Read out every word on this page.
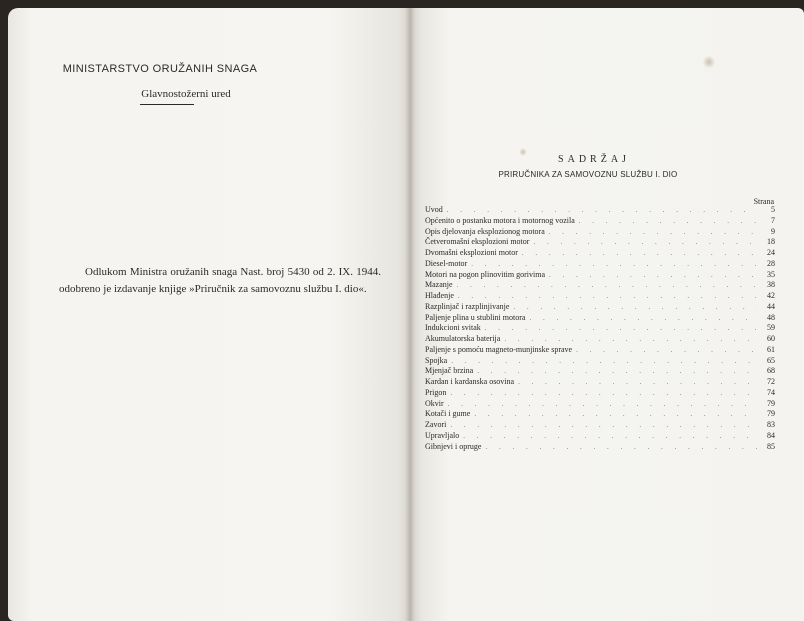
MINISTARSTVO ORUŽANIH SNAGA
Glavnostožerni ured

Odlukom Ministra oružanih snaga Nast. broj 5430 od 2. IX. 1944. odobreno je izdavanje knjige »Priručnik za samovoznu službu I. dio«.

SADRŽAJ
PRIRUČNIKA ZA SAMOVOZNU SLUŽBU I. DIO
Strana
Uvod . . .	5
Općenito o postanku motora i motornog vozila . . .	7
Opis djelovanja eksplozionog motora . . .	9
Četveromašni eksplozioni motor . . .	18
Dvomašni eksplozioni motor . . .	24
Diesel-motor . . .	28
Motori na pogon plinovitim gorivima . . .	35
Mazanje . . .	38
Hlađenje . . .	42
Razplinjač i razplinjivanje . . .	44
Paljenje plina u stublini motora . . .	48
Indukcioni svitak . . .	59
Akumulatorska baterija . . .	60
Paljenje s pomoću magneto-munjinske sprave . . .	61
Spojka . . .	65
Mjenjač brzina . . .	68
Kardan i kardanska osovina . . .	72
Prigon . . .	74
Okvir . . .	79
Kotači i gume . . .	79
Zavori . . .	83
Upravljalo . . .	84
Gibnjevi i opruge . . .	85
